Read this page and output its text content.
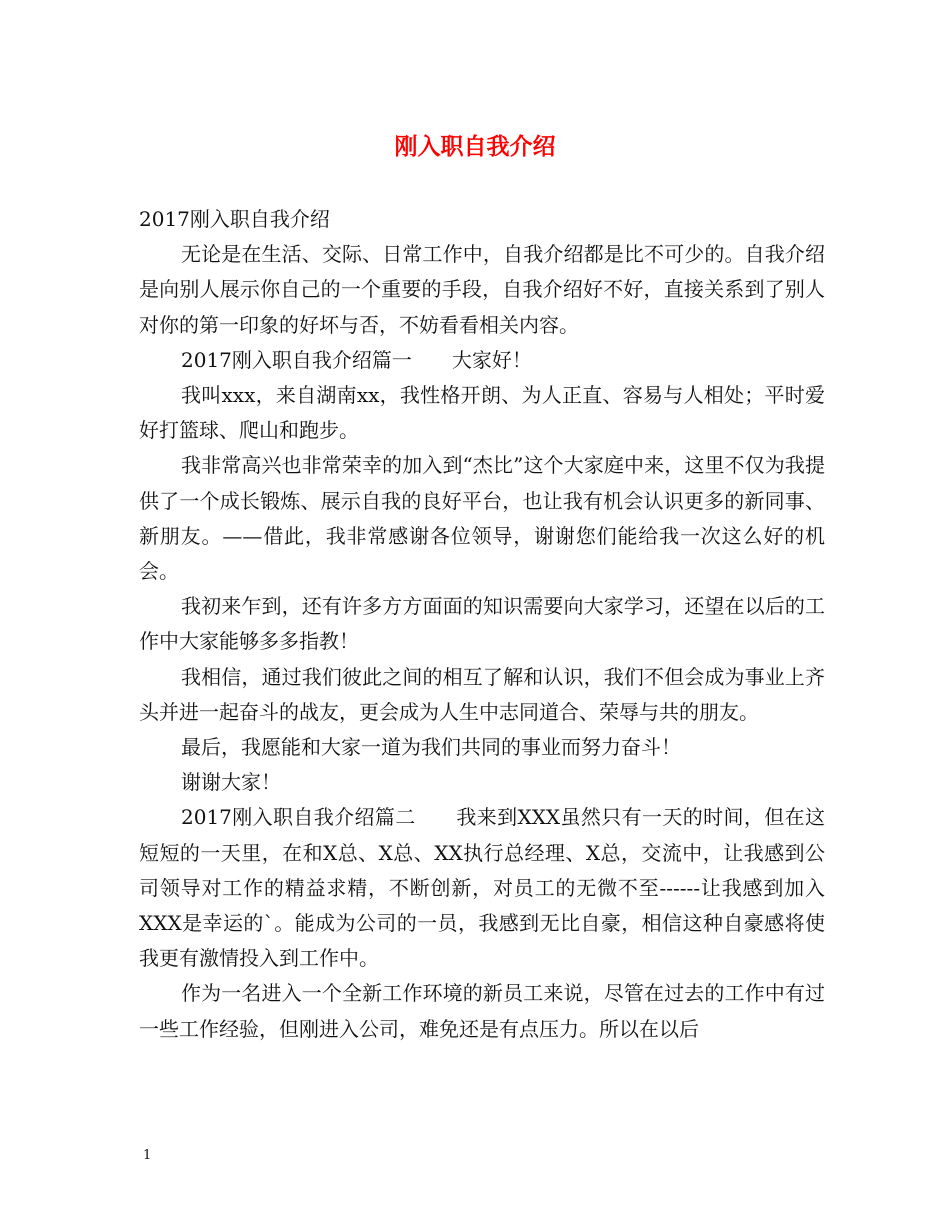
刚入职自我介绍

2017刚入职自我介绍

无论是在生活、交际、日常工作中，自我介绍都是比不可少的。自我介绍是向别人展示你自己的一个重要的手段，自我介绍好不好，直接关系到了别人对你的第一印象的好坏与否，不妨看看相关内容。

2017刚入职自我介绍篇一　　大家好！

我叫xxx，来自湖南xx，我性格开朗、为人正直、容易与人相处；平时爱好打篮球、爬山和跑步。

我非常高兴也非常荣幸的加入到“杰比”这个大家庭中来，这里不仅为我提供了一个成长锻炼、展示自我的良好平台，也让我有机会认识更多的新同事、新朋友。——借此，我非常感谢各位领导，谢谢您们能给我一次这么好的机会。

我初来乍到，还有许多方方面面的知识需要向大家学习，还望在以后的工作中大家能够多多指教！

我相信，通过我们彼此之间的相互了解和认识，我们不但会成为事业上齐头并进一起奋斗的战友，更会成为人生中志同道合、荣辱与共的朋友。

最后，我愿能和大家一道为我们共同的事业而努力奋斗！

谢谢大家！

2017刚入职自我介绍篇二　　我来到XXX虽然只有一天的时间，但在这短短的一天里，在和X总、X总、XX执行总经理、X总，交流中，让我感到公司领导对工作的精益求精，不断创新，对员工的无微不至------让我感到加入XXX是幸运的`。能成为公司的一员，我感到无比自豪，相信这种自豪感将使我更有激情投入到工作中。

作为一名进入一个全新工作环境的新员工来说，尽管在过去的工作中有过一些工作经验，但刚进入公司，难免还是有点压力。所以在以后

1
